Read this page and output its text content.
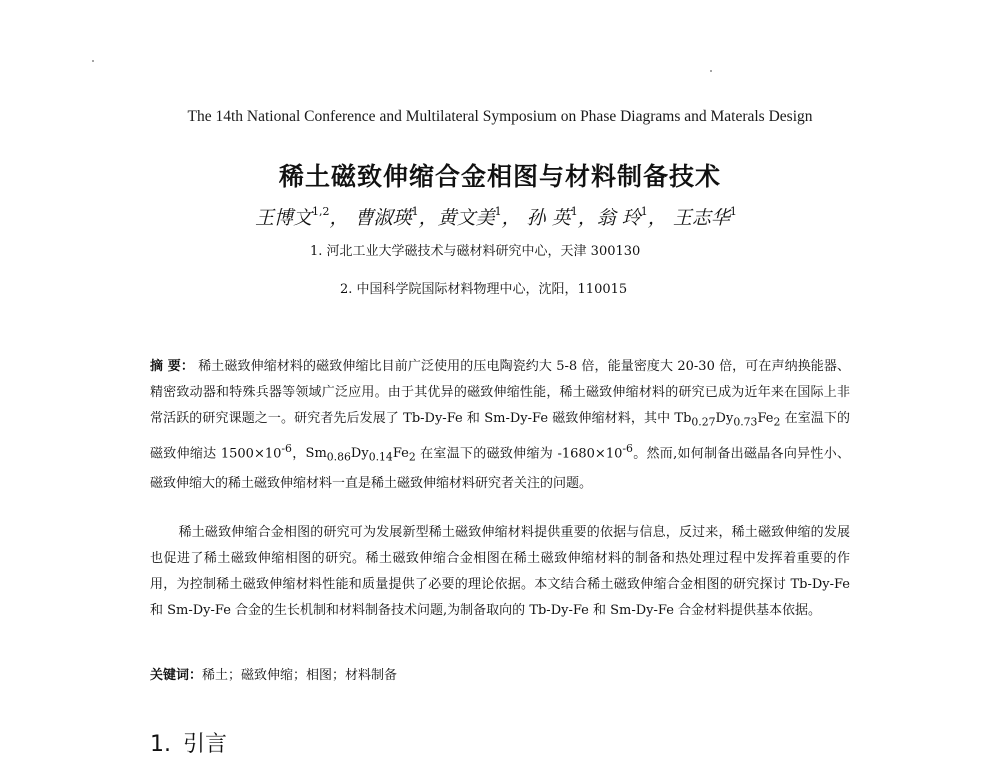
The 14th National Conference and Multilateral Symposium on Phase Diagrams and Materals Design
稀土磁致伸缩合金相图与材料制备技术
王博文$^{1,2}$， 曹淑瑛$^1$，黄文美$^1$， 孙 英$^1$，翁 玲$^1$， 王志华$^1$
1. 河北工业大学磁技术与磁材料研究中心，天津 300130
2. 中国科学院国际材料物理中心，沈阳，110015
摘 要： 稀土磁致伸缩材料的磁致伸缩比目前广泛使用的压电陶瓷约大 5-8 倍，能量密度大 20-30 倍，可在声纳换能器、精密致动器和特殊兵器等领域广泛应用。由于其优异的磁致伸缩性能，稀土磁致伸缩材料的研究已成为近年来在国际上非常活跃的研究课题之一。研究者先后发展了 Tb-Dy-Fe 和 Sm-Dy-Fe 磁致伸缩材料，其中 $Tb_{0.27}Dy_{0.73}Fe_2$ 在室温下的磁致伸缩达 $1500\times 10^{-6}$，$Sm_{0.86}Dy_{0.14}Fe_2$ 在室温下的磁致伸缩为 $-1680\times 10^{-6}$。然而,如何制备出磁晶各向异性小、磁致伸缩大的稀土磁致伸缩材料一直是稀土磁致伸缩材料研究者关注的问题。
稀土磁致伸缩合金相图的研究可为发展新型稀土磁致伸缩材料提供重要的依据与信息，反过来，稀土磁致伸缩的发展也促进了稀土磁致伸缩相图的研究。稀土磁致伸缩合金相图在稀土磁致伸缩材料的制备和热处理过程中发挥着重要的作用，为控制稀土磁致伸缩材料性能和质量提供了必要的理论依据。本文结合稀土磁致伸缩合金相图的研究探讨 Tb-Dy-Fe 和 Sm-Dy-Fe 合金的生长机制和材料制备技术问题,为制备取向的 Tb-Dy-Fe 和 Sm-Dy-Fe 合金材料提供基本依据。
关键词：稀土；磁致伸缩；相图；材料制备
1. 引言
